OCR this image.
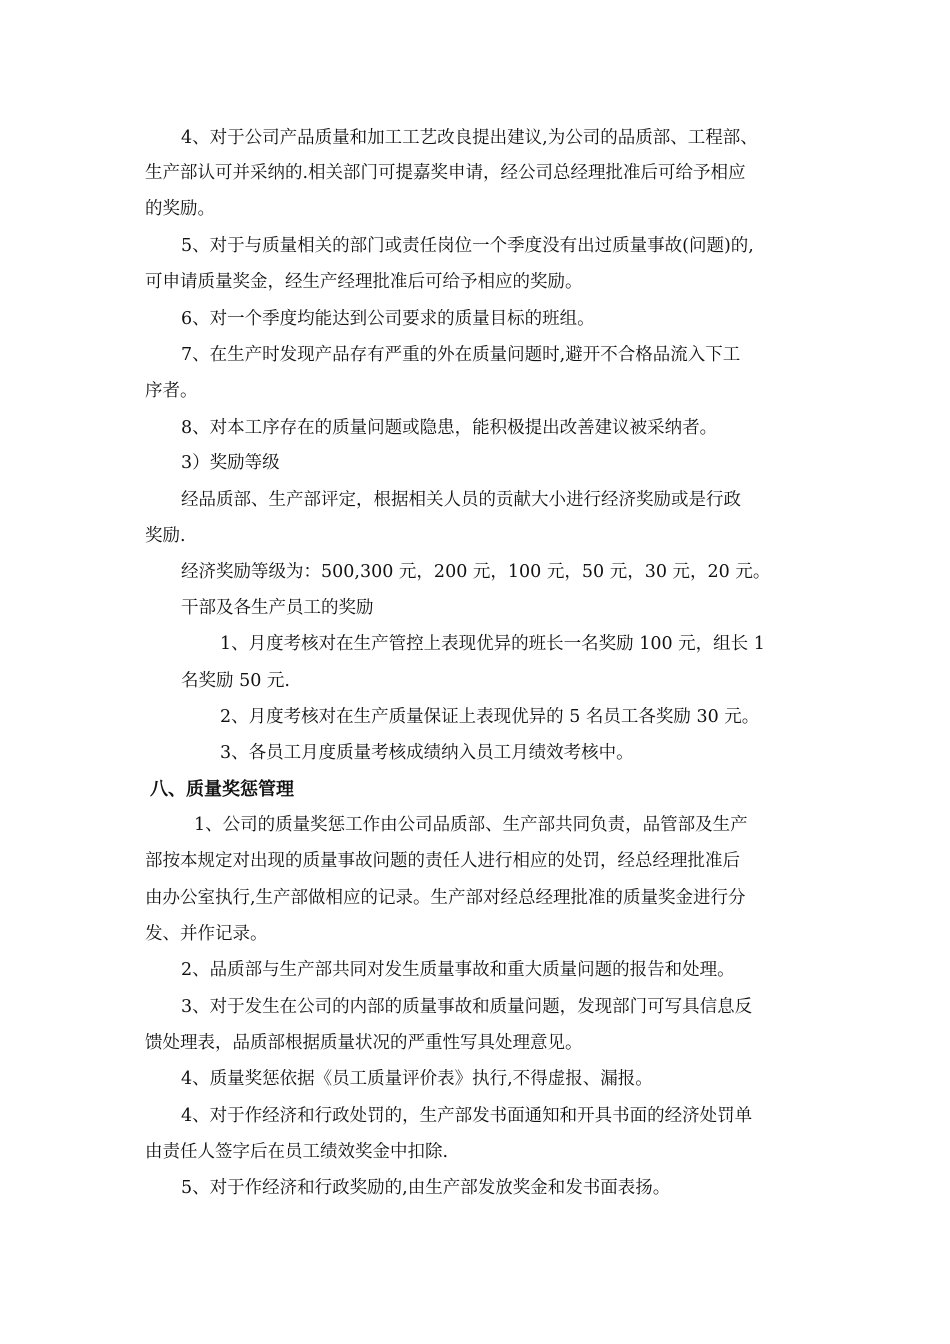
4、对于公司产品质量和加工工艺改良提出建议,为公司的品质部、工程部、
生产部认可并采纳的.相关部门可提嘉奖申请，经公司总经理批准后可给予相应
的奖励。
5、对于与质量相关的部门或责任岗位一个季度没有出过质量事故(问题)的,
可申请质量奖金，经生产经理批准后可给予相应的奖励。
6、对一个季度均能达到公司要求的质量目标的班组。
7、在生产时发现产品存有严重的外在质量问题时,避开不合格品流入下工
序者。
8、对本工序存在的质量问题或隐患，能积极提出改善建议被采纳者。
3）奖励等级
经品质部、生产部评定，根据相关人员的贡献大小进行经济奖励或是行政
奖励.
经济奖励等级为：500,300 元，200 元，100 元，50 元，30 元，20 元。
干部及各生产员工的奖励
1、月度考核对在生产管控上表现优异的班长一名奖励 100 元，组长 1
名奖励 50 元.
2、月度考核对在生产质量保证上表现优异的 5 名员工各奖励 30 元。
3、各员工月度质量考核成绩纳入员工月绩效考核中。
八、质量奖惩管理
1、公司的质量奖惩工作由公司品质部、生产部共同负责，品管部及生产
部按本规定对出现的质量事故问题的责任人进行相应的处罚，经总经理批准后
由办公室执行,生产部做相应的记录。生产部对经总经理批准的质量奖金进行分
发、并作记录。
2、品质部与生产部共同对发生质量事故和重大质量问题的报告和处理。
3、对于发生在公司的内部的质量事故和质量问题，发现部门可写具信息反
馈处理表，品质部根据质量状况的严重性写具处理意见。
4、质量奖惩依据《员工质量评价表》执行,不得虚报、漏报。
4、对于作经济和行政处罚的，生产部发书面通知和开具书面的经济处罚单
由责任人签字后在员工绩效奖金中扣除.
5、对于作经济和行政奖励的,由生产部发放奖金和发书面表扬。
